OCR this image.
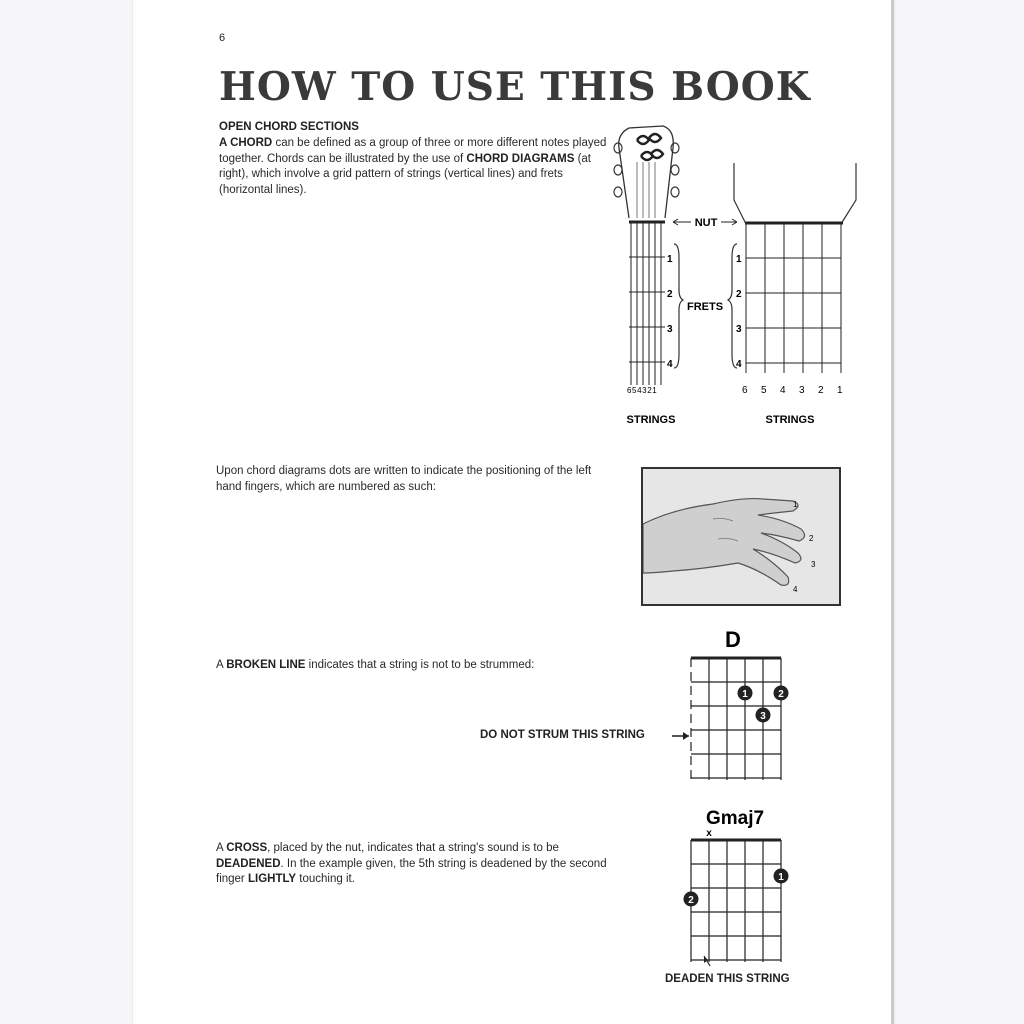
6
HOW TO USE THIS BOOK
OPEN CHORD SECTIONS
A CHORD can be defined as a group of three or more different notes played together. Chords can be illustrated by the use of CHORD DIAGRAMS (at right), which involve a grid pattern of strings (vertical lines) and frets (horizontal lines).
NUT
FRETS
1
2
3
4
1
2
3
4
654321	6 5 4 3 2 1
STRINGS	STRINGS
Upon chord diagrams dots are written to indicate the positioning of the left hand fingers, which are numbered as such:
1
2
3
4
A BROKEN LINE indicates that a string is not to be strummed:
D
1	2
3
DO NOT STRUM THIS STRING
A CROSS, placed by the nut, indicates that a string's sound is to be DEADENED. In the example given, the 5th string is deadened by the second finger LIGHTLY touching it.
Gmaj7
x
1
2
DEADEN THIS STRING
